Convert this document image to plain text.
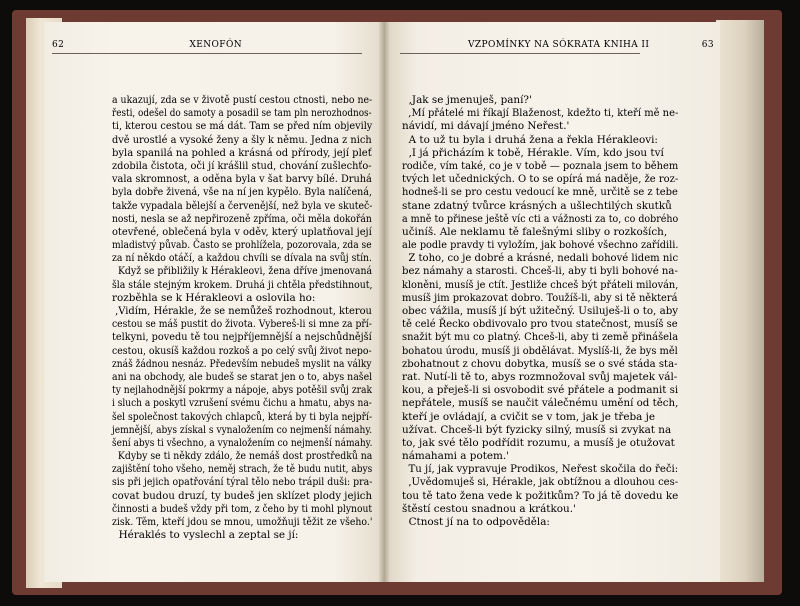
62	XENOFÓN	VZPOMÍNKY NA SÓKRATA KNIHA II	63
a ukazují, zda se v životě pustí cestou ctnosti, nebo ne-
řesti, odešel do samoty a posadil se tam pln nerozhodnos-
ti, kterou cestou se má dát. Tam se před ním objevily
dvě urostlé a vysoké ženy a šly k němu. Jedna z nich
byla spanilá na pohled a krásná od přírody, její pleť
zdobila čistota, oči jí krášlil stud, chování zušlechťo-
vala skromnost, a oděna byla v šat barvy bílé. Druhá
byla dobře živená, vše na ní jen kypělo. Byla nalíčená,
takže vypadala bělejší a červenější, než byla ve skuteč-
nosti, nesla se až nepřirozeně zpříma, oči měla dokořán
otevřené, oblečená byla v oděv, který uplatňoval její
mladistvý půvab. Často se prohlížela, pozorovala, zda se
za ní někdo otáčí, a každou chvíli se dívala na svůj stín.
Když se přibližily k Hérakleovi, žena dříve jmenovaná
šla stále stejným krokem. Druhá ji chtěla předstihnout,
rozběhla se k Hérakleovi a oslovila ho:
,Vidím, Hérakle, že se nemůžeš rozhodnout, kterou
cestou se máš pustit do života. Vybereš-li si mne za pří-
telkyni, povedu tě tou nejpříjemnější a nejschůdnější
cestou, okusíš každou rozkoš a po celý svůj život nepo-
znáš žádnou nesnáz. Především nebudeš myslit na války
ani na obchody, ale budeš se starat jen o to, abys našel
ty nejlahodnější pokrmy a nápoje, abys potěšil svůj zrak
i sluch a poskytl vzrušení svému čichu a hmatu, abys na-
šel společnost takových chlapců, která by ti byla nejpří-
jemnější, abys získal s vynaložením co nejmenší námahy.
šení abys ti všechno, a vynaložením co nejmenší námahy.
Kdyby se ti někdy zdálo, že nemáš dost prostředků na
zajištění toho všeho, neměj strach, že tě budu nutit, abys
sis při jejich opatřování týral tělo nebo trápil duši: pra-
covat budou druzí, ty budeš jen sklízet plody jejich
činnosti a budeš vždy při tom, z čeho by ti mohl plynout
zisk. Těm, kteří jdou se mnou, umožňuji těžit ze všeho.'
Héraklés to vyslechl a zeptal se jí:
,Jak se jmenuješ, paní?'
,Mí přátelé mi říkají Blaženost, kdežto ti, kteří mě ne-
návidí, mi dávají jméno Neřest.'
A to už tu byla i druhá žena a řekla Hérakleovi:
,I já přicházím k tobě, Hérakle. Vím, kdo jsou tví
rodiče, vím také, co je v tobě — poznala jsem to během
tvých let učednických. O to se opírá má naděje, že roz-
hodneš-li se pro cestu vedoucí ke mně, určitě se z tebe
stane zdatný tvůrce krásných a ušlechtilých skutků
a mně to přinese ještě víc cti a vážnosti za to, co dobrého
učiníš. Ale neklamu tě falešnými sliby o rozkoších,
ale podle pravdy ti vyložím, jak bohové všechno zařídili.
Z toho, co je dobré a krásné, nedali bohové lidem nic
bez námahy a starosti. Chceš-li, aby ti byli bohové na-
kloněni, musíš je ctít. Jestliže chceš být přáteli milován,
musíš jim prokazovat dobro. Toužíš-li, aby si tě některá
obec vážila, musíš jí být užitečný. Usiluješ-li o to, aby
tě celé Řecko obdivovalo pro tvou statečnost, musíš se
snažit být mu co platný. Chceš-li, aby ti země přinášela
bohatou úrodu, musíš ji obdělávat. Myslíš-li, že bys měl
zbohatnout z chovu dobytka, musíš se o své stáda sta-
rat. Nutí-li tě to, abys rozmnožoval svůj majetek vál-
kou, a přeješ-li si osvobodit své přátele a podmanit si
nepřátele, musíš se naučit válečnému umění od těch,
kteří je ovládají, a cvičit se v tom, jak je třeba je
užívat. Chceš-li být fyzicky silný, musíš si zvykat na
to, jak své tělo podřídit rozumu, a musíš je otužovat
námahami a potem.'
Tu jí, jak vypravuje Prodikos, Neřest skočila do řeči:
,Uvědomuješ si, Hérakle, jak obtížnou a dlouhou ces-
tou tě tato žena vede k požitkům? To já tě dovedu ke
štěstí cestou snadnou a krátkou.'
Ctnost jí na to odpověděla:
